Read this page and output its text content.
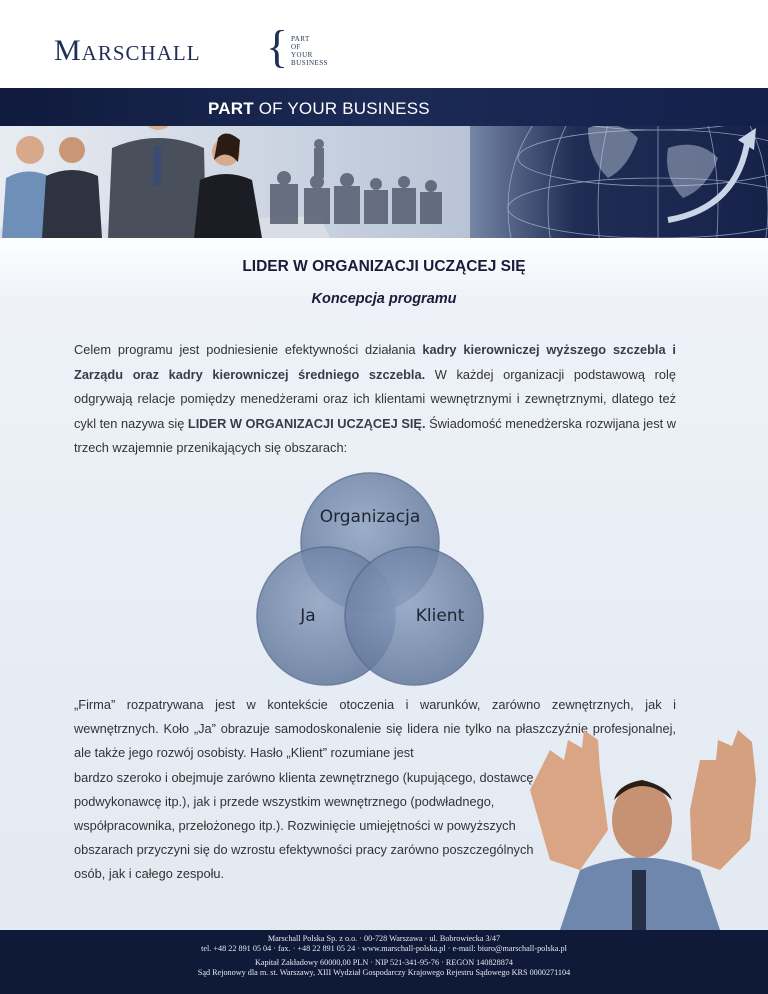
Marschall { PART
OF
YOUR
BUSINESS
PART OF YOUR BUSINESS
LIDER W ORGANIZACJI UCZĄCEJ SIĘ
Koncepcja programu
Celem programu jest podniesienie efektywności działania kadry kierowniczej wyższego szczebla i Zarządu oraz kadry kierowniczej średniego szczebla. W każdej organizacji podstawową rolę odgrywają relacje pomiędzy menedżerami oraz ich klientami wewnętrznymi i zewnętrznymi, dlatego też cykl ten nazywa się LIDER W ORGANIZACJI UCZĄCEJ SIĘ. Świadomość menedżerska rozwijana jest w trzech wzajemnie przenikających się obszarach:
Organizacja
Ja	Klient
„Firma” rozpatrywana jest w kontekście otoczenia i warunków, zarówno zewnętrznych, jak i wewnętrznych. Koło „Ja” obrazuje samodoskonalenie się lidera nie tylko na płaszczyźnie profesjonalnej, ale także jego rozwój osobisty. Hasło „Klient” rozumiane jest
bardzo szeroko i obejmuje zarówno klienta zewnętrznego (kupującego, dostawcę, podwykonawcę itp.), jak i przede wszystkim wewnętrznego (podwładnego, współpracownika, przełożonego itp.). Rozwinięcie umiejętności w powyższych obszarach przyczyni się do wzrostu efektywności pracy zarówno poszczególnych osób, jak i całego zespołu.
Marschall Polska Sp. z o.o. · 00-728 Warszawa · ul. Bobrowiecka 3/47
tel. +48 22 891 05 04 · fax. · +48 22 891 05 24 · www.marschall-polska.pl · e-mail: biuro@marschall-polska.pl
Kapitał Zakładowy 60000,00 PLN · NIP 521-341-95-76 · REGON 140828874
Sąd Rejonowy dla m. st. Warszawy, XIII Wydział Gospodarczy Krajowego Rejestru Sądowego KRS 0000271104
